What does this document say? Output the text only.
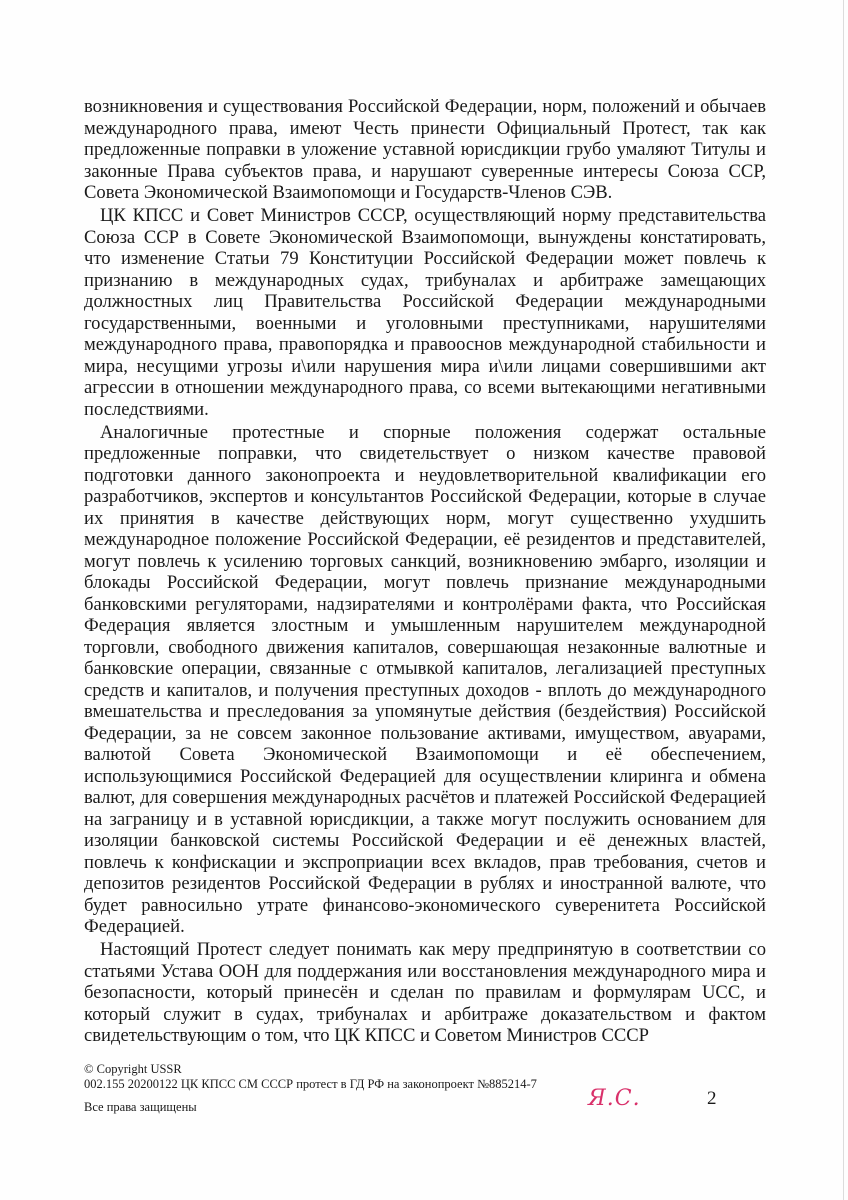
возникновения и существования Российской Федерации, норм, положений и обычаев международного права, имеют Честь принести Официальный Протест, так как предложенные поправки в уложение уставной юрисдикции грубо умаляют Титулы и законные Права субъектов права, и нарушают суверенные интересы Союза ССР, Совета Экономической Взаимопомощи и Государств-Членов СЭВ.

ЦК КПСС и Совет Министров СССР, осуществляющий норму представительства Союза ССР в Совете Экономической Взаимопомощи, вынуждены констатировать, что изменение Статьи 79 Конституции Российской Федерации может повлечь к признанию в международных судах, трибуналах и арбитраже замещающих должностных лиц Правительства Российской Федерации международными государственными, военными и уголовными преступниками, нарушителями международного права, правопорядка и правооснов международной стабильности и мира, несущими угрозы и\или нарушения мира и\или лицами совершившими акт агрессии в отношении международного права, со всеми вытекающими негативными последствиями.

Аналогичные протестные и спорные положения содержат остальные предложенные поправки, что свидетельствует о низком качестве правовой подготовки данного законопроекта и неудовлетворительной квалификации его разработчиков, экспертов и консультантов Российской Федерации, которые в случае их принятия в качестве действующих норм, могут существенно ухудшить международное положение Российской Федерации, её резидентов и представителей, могут повлечь к усилению торговых санкций, возникновению эмбарго, изоляции и блокады Российской Федерации, могут повлечь признание международными банковскими регуляторами, надзирателями и контролёрами факта, что Российская Федерация является злостным и умышленным нарушителем международной торговли, свободного движения капиталов, совершающая незаконные валютные и банковские операции, связанные с отмывкой капиталов, легализацией преступных средств и капиталов, и получения преступных доходов - вплоть до международного вмешательства и преследования за упомянутые действия (бездействия) Российской Федерации, за не совсем законное пользование активами, имуществом, авуарами, валютой Совета Экономической Взаимопомощи и её обеспечением, использующимися Российской Федерацией для осуществлении клиринга и обмена валют, для совершения международных расчётов и платежей Российской Федерацией на заграницу и в уставной юрисдикции, а также могут послужить основанием для изоляции банковской системы Российской Федерации и её денежных властей, повлечь к конфискации и экспроприации всех вкладов, прав требования, счетов и депозитов резидентов Российской Федерации в рублях и иностранной валюте, что будет равносильно утрате финансово-экономического суверенитета Российской Федерацией.

Настоящий Протест следует понимать как меру предпринятую в соответствии со статьями Устава ООН для поддержания или восстановления международного мира и безопасности, который принесён и сделан по правилам и формулярам UCC, и который служит в судах, трибуналах и арбитраже доказательством и фактом свидетельствующим о том, что ЦК КПСС и Советом Министров СССР

© Copyright USSR
002.155 20200122 ЦК КПСС СМ СССР протест в ГД РФ на законопроект №885214-7
Все права защищены	Я.С.	2
